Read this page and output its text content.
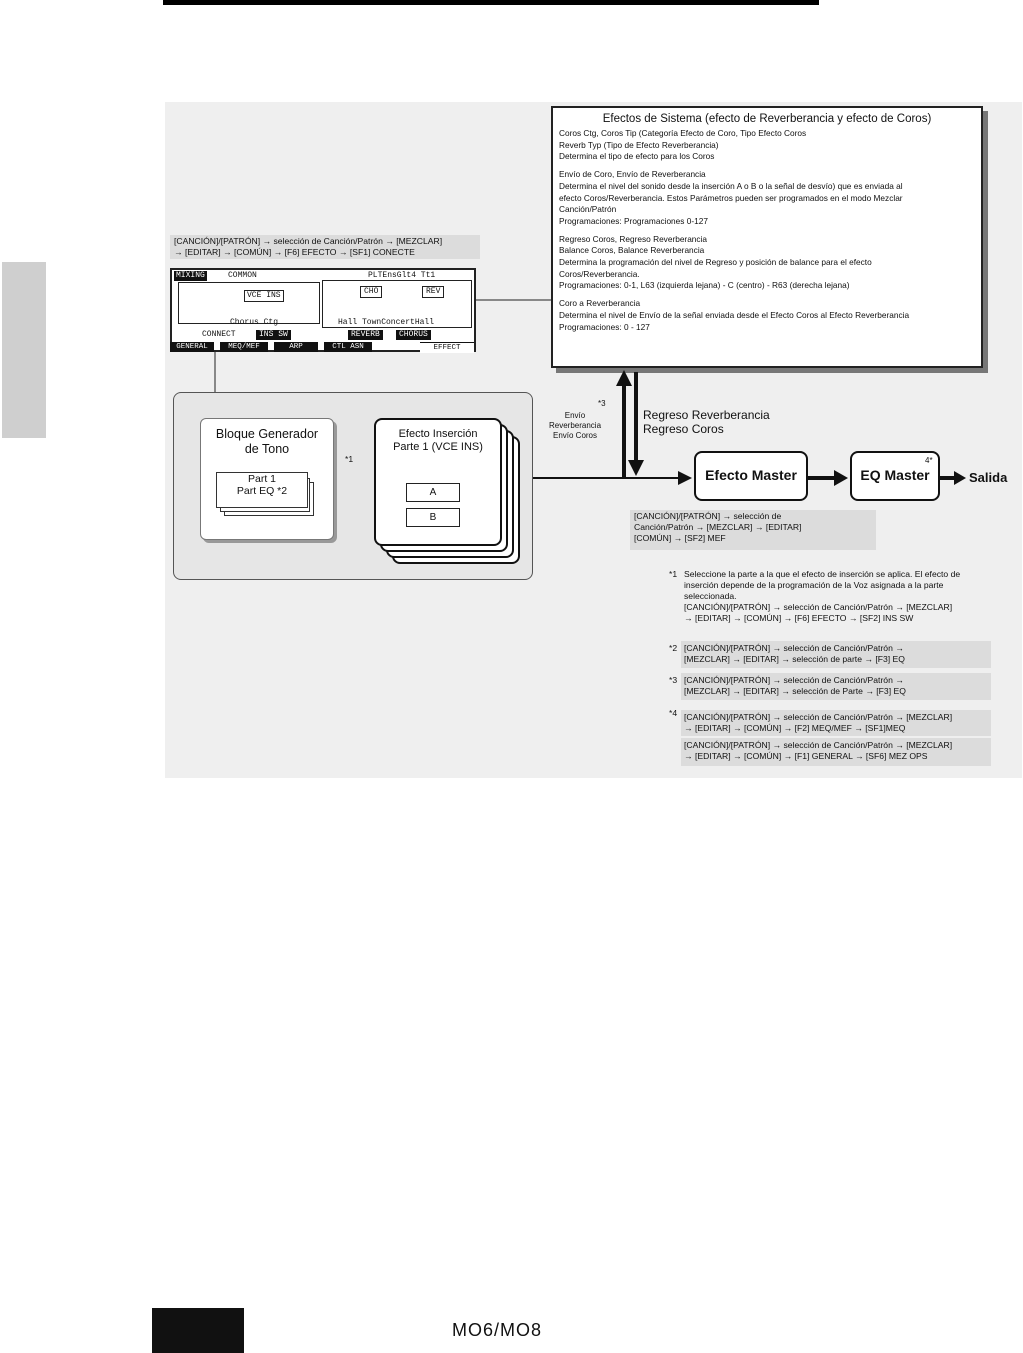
Efectos de Sistema (efecto de Reverberancia y efecto de Coros)
Coros Ctg, Coros Tip (Categoría Efecto de Coro, Tipo Efecto Coros
Reverb Typ (Tipo de Efecto Reverberancia)
Determina el tipo de efecto para los Coros
Envío de Coro, Envío de Reverberancia
Determina el nivel del sonido desde la inserción A o B o la señal de desvío) que es enviada al
efecto Coros/Reverberancia. Estos Parámetros pueden ser programados en el modo Mezclar
Canción/Patrón
Programaciones: Programaciones 0-127
Regreso Coros, Regreso Reverberancia
Balance Coros, Balance Reverberancia
Determina la programación del nivel de Regreso y posición de balance para el efecto
Coros/Reverberancia.
Programaciones: 0-1, L63 (izquierda lejana) - C (centro) - R63 (derecha lejana)
Coro a Reverberancia
Determina el nivel de Envío de la señal enviada desde el Efecto Coros al Efecto Reverberancia
Programaciones: 0 - 127
[CANCIÓN]/[PATRÓN] → selección de Canción/Patrón → [MEZCLAR]
→ [EDITAR] → [COMÚN] → [F6] EFECTO → [SF1] CONECTE
MIXING	COMMON	PLTEnsGlt4 Tt1
VCE INS	CHO	REV
Chorus Ctg	Hall TownConcertHall
CONNECT	INS SW	REVERB	CHORUS
GENERAL	MEQ/MEF	ARP	CTL ASN	EFFECT
Bloque Generador de Tono
Part 1
Part EQ *2
*1
Efecto Inserción Parte 1 (VCE INS)
A
B
*3
Envío
Reverberancia
Envío Coros
Regreso Reverberancia
Regreso Coros
Efecto Master	EQ Master
4*
Salida
[CANCIÓN]/[PATRÓN] → selección de
Canción/Patrón → [MEZCLAR] → [EDITAR]
[COMÚN] → [SF2] MEF
*1 Seleccione la parte a la que el efecto de inserción se aplica. El efecto de
inserción depende de la programación de la Voz asignada a la parte
seleccionada.
[CANCIÓN]/[PATRÓN] → selección de Canción/Patrón → [MEZCLAR]
→ [EDITAR] → [COMÚN] → [F6] EFECTO → [SF2] INS SW
*2 [CANCIÓN]/[PATRÓN] → selección de Canción/Patrón →
[MEZCLAR] → [EDITAR] → selección de parte → [F3] EQ
*3 [CANCIÓN]/[PATRÓN] → selección de Canción/Patrón →
[MEZCLAR] → [EDITAR] → selección de Parte → [F3] EQ
*4 [CANCIÓN]/[PATRÓN] → selección de Canción/Patrón → [MEZCLAR]
→ [EDITAR] → [COMÚN] → [F2] MEQ/MEF → [SF1]MEQ
[CANCIÓN]/[PATRÓN] → selección de Canción/Patrón → [MEZCLAR]
→ [EDITAR] → [COMÚN] → [F1] GENERAL → [SF6] MEZ OPS
MO6/MO8
